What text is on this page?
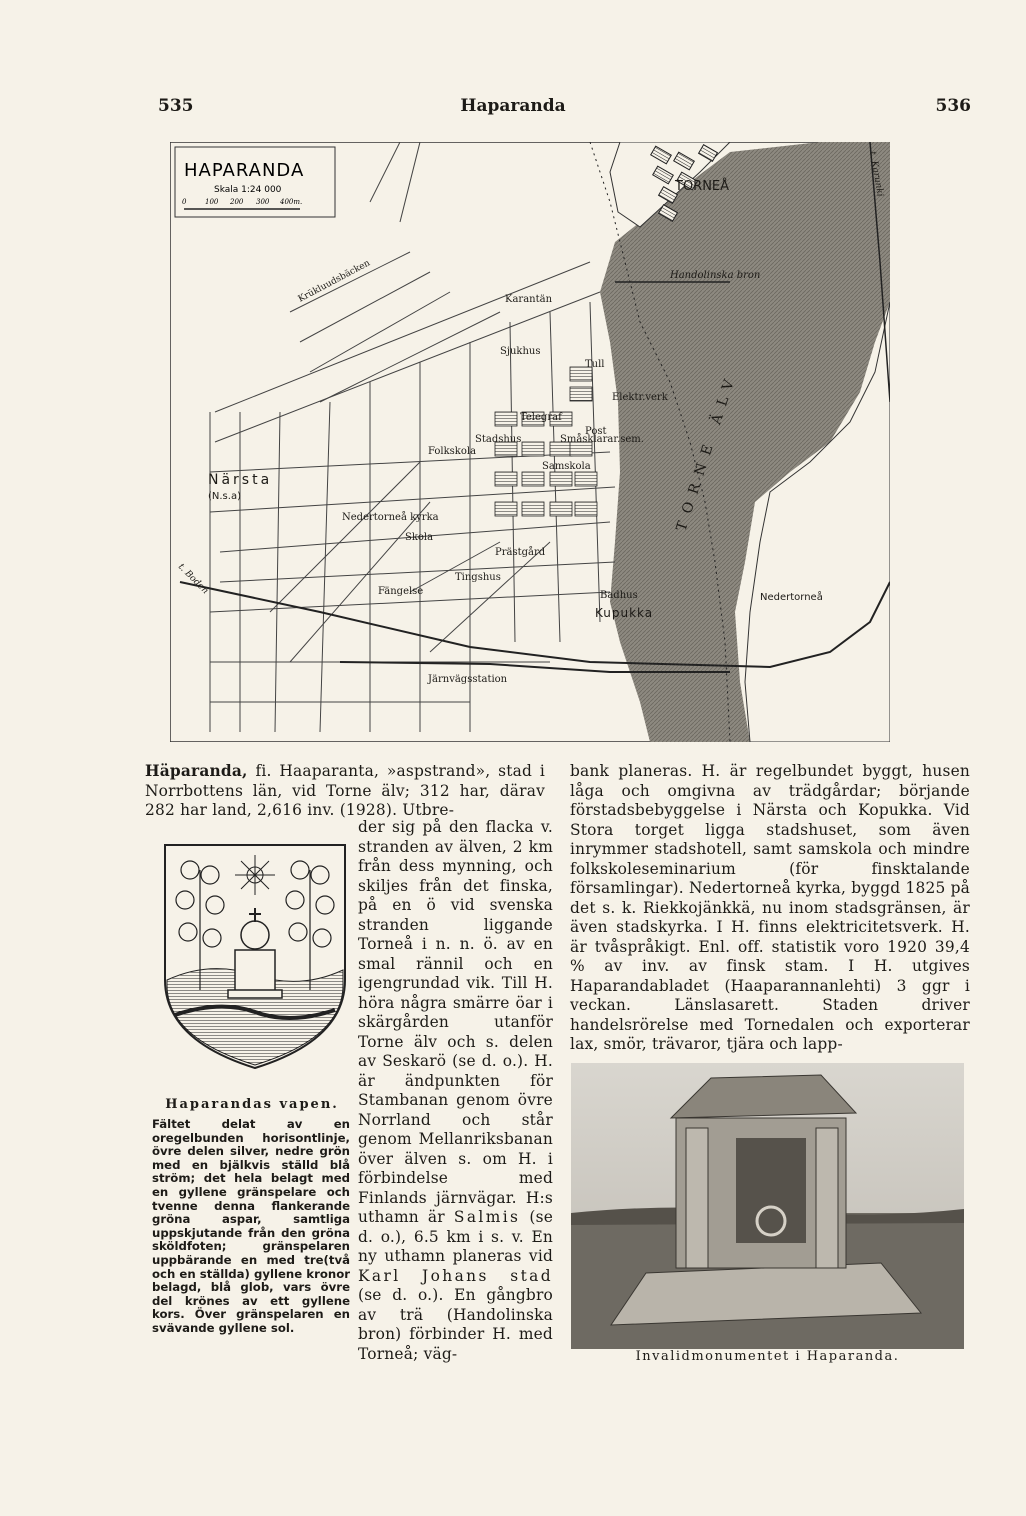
535	Haparanda	536
HAPARANDA
Skala 1:24 000
0	100 200 300 400m.
TORNEÅ
Handolinska bron
Karantän
Krükluudsbäcken
Sjukhus
Tull
Elektr.verk
Telegraf
Post
Stadshus
Folkskola
Småsklarar.sem.
Samskola
Närsta
(N.s.a)
Nedertorneå kyrka
Skola
Prästgård
Tingshus
Fängelse	Badhus
Kupukka
Nedertorneå
Järnvägsstation
t. Boden
TORNE ÄLV
t. Karunki
Häparanda, fi. Haaparanta, »aspstrand», stad i Norrbottens län, vid Torne älv; 312 har, därav 282 har land, 2,616 inv. (1928). Utbre-
der sig på den flacka v. stranden av älven, 2 km från dess mynning, och skiljes från det finska, på en ö vid svenska stranden liggande Torneå i n. n. ö. av en smal rännil och en igengrundad vik. Till H. höra några smärre öar i skärgården utanför Torne älv och s. delen av Seskarö (se d. o.). H. är ändpunkten för Stambanan genom övre Norrland och står genom Mellanriksbanan över älven s. om H. i förbindelse med Finlands järnvägar. H:s uthamn är Salmis (se d. o.), 6.5 km i s. v. En ny uthamn planeras vid Karl Johans stad (se d. o.). En gångbro av trä (Handolinska bron) förbinder H. med Torneå; väg-
Haparandas vapen.
Fältet delat av en oregelbunden horisontlinje, övre delen silver, nedre grön med en bjälkvis ställd blå ström; det hela belagt med en gyllene gränspelare och tvenne denna flankerande gröna aspar, samtliga uppskjutande från den gröna sköldfoten; gränspelaren uppbärande en med tre(två och en ställda) gyllene kronor belagd, blå glob, vars övre del krönes av ett gyllene kors. Över gränspelaren en svävande gyllene sol.
bank planeras. H. är regelbundet byggt, husen låga och omgivna av trädgårdar; börjande förstadsbebyggelse i Närsta och Kopukka. Vid Stora torget ligga stadshuset, som även inrymmer stadshotell, samt samskola och mindre folkskoleseminarium (för finsktalande församlingar). Nedertorneå kyrka, byggd 1825 på det s. k. Riekkojänkkä, nu inom stadsgränsen, är även stadskyrka. I H. finns elektricitetsverk. H. är tvåspråkigt. Enl. off. statistik voro 1920 39,4 % av inv. av finsk stam. I H. utgives Haparandabladet (Haaparannanlehti) 3 ggr i veckan. Länslasarett. Staden driver handelsrörelse med Tornedalen och exporterar lax, smör, trävaror, tjära och lapp-
Invalidmonumentet i Haparanda.
